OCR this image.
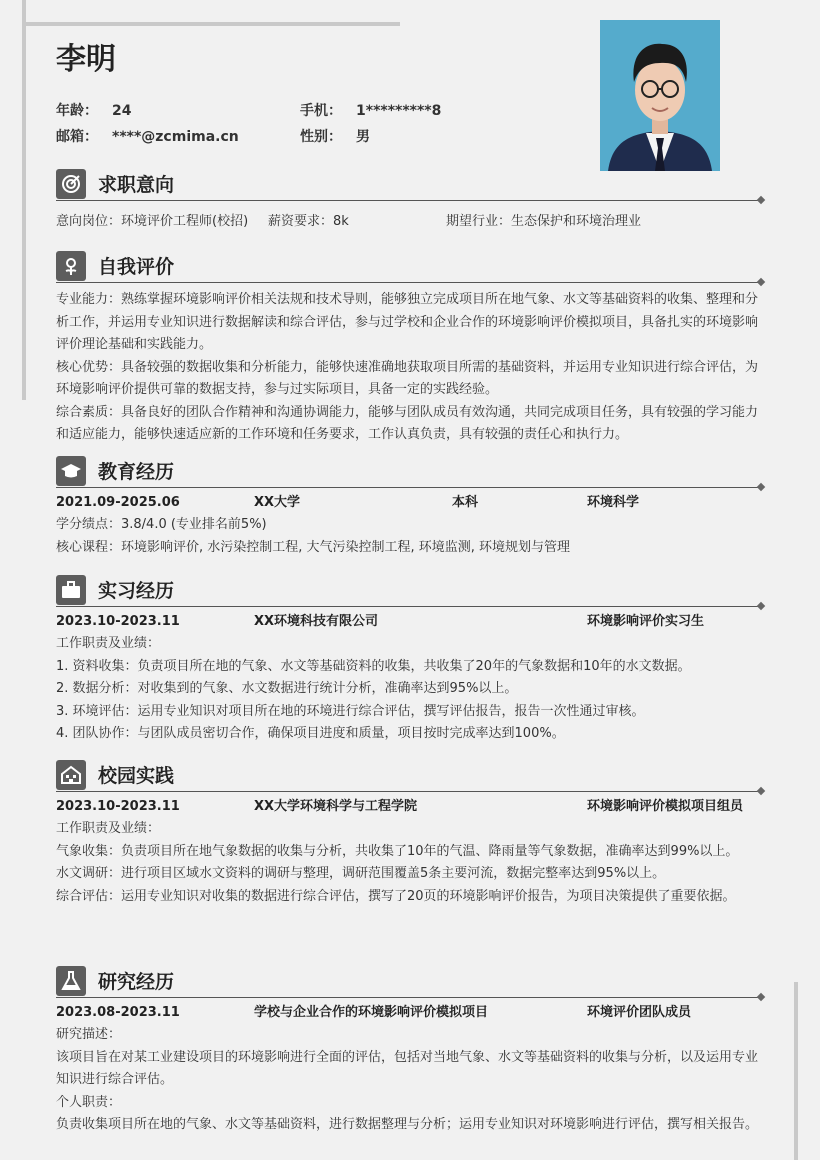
李明
年龄： 24	手机： 1*********8
邮箱： ****@zcmima.cn	性别： 男
求职意向
意向岗位：环境评价工程师(校招) 薪资要求：8k	期望行业：生态保护和环境治理业
自我评价

专业能力：熟练掌握环境影响评价相关法规和技术导则，能够独立完成项目所在地气象、水文等基础资料的收集、整理和分析工作，并运用专业知识进行数据解读和综合评估，参与过学校和企业合作的环境影响评价模拟项目，具备扎实的环境影响评价理论基础和实践能力。

核心优势：具备较强的数据收集和分析能力，能够快速准确地获取项目所需的基础资料，并运用专业知识进行综合评估，为环境影响评价提供可靠的数据支持，参与过实际项目，具备一定的实践经验。

综合素质：具备良好的团队合作精神和沟通协调能力，能够与团队成员有效沟通，共同完成项目任务，具有较强的学习能力和适应能力，能够快速适应新的工作环境和任务要求，工作认真负责，具有较强的责任心和执行力。

教育经历
2021.09-2025.06	XX大学	本科	环境科学

学分绩点：3.8/4.0 (专业排名前5%)

核心课程：环境影响评价, 水污染控制工程, 大气污染控制工程, 环境监测, 环境规划与管理

实习经历
2023.10-2023.11	XX环境科技有限公司	环境影响评价实习生

工作职责及业绩：

1. 资料收集：负责项目所在地的气象、水文等基础资料的收集，共收集了20年的气象数据和10年的水文数据。

2. 数据分析：对收集到的气象、水文数据进行统计分析，准确率达到95%以上。

3. 环境评估：运用专业知识对项目所在地的环境进行综合评估，撰写评估报告，报告一次性通过审核。

4. 团队协作：与团队成员密切合作，确保项目进度和质量，项目按时完成率达到100%。

校园实践
2023.10-2023.11	XX大学环境科学与工程学院	环境影响评价模拟项目组员

工作职责及业绩：

气象收集：负责项目所在地气象数据的收集与分析，共收集了10年的气温、降雨量等气象数据，准确率达到99%以上。

水文调研：进行项目区域水文资料的调研与整理，调研范围覆盖5条主要河流，数据完整率达到95%以上。

综合评估：运用专业知识对收集的数据进行综合评估，撰写了20页的环境影响评价报告，为项目决策提供了重要依据。

研究经历
2023.08-2023.11	学校与企业合作的环境影响评价模拟项目	环境评价团队成员

研究描述：

该项目旨在对某工业建设项目的环境影响进行全面的评估，包括对当地气象、水文等基础资料的收集与分析，以及运用专业知识进行综合评估。

个人职责：

负责收集项目所在地的气象、水文等基础资料，进行数据整理与分析；运用专业知识对环境影响进行评估，撰写相关报告。
